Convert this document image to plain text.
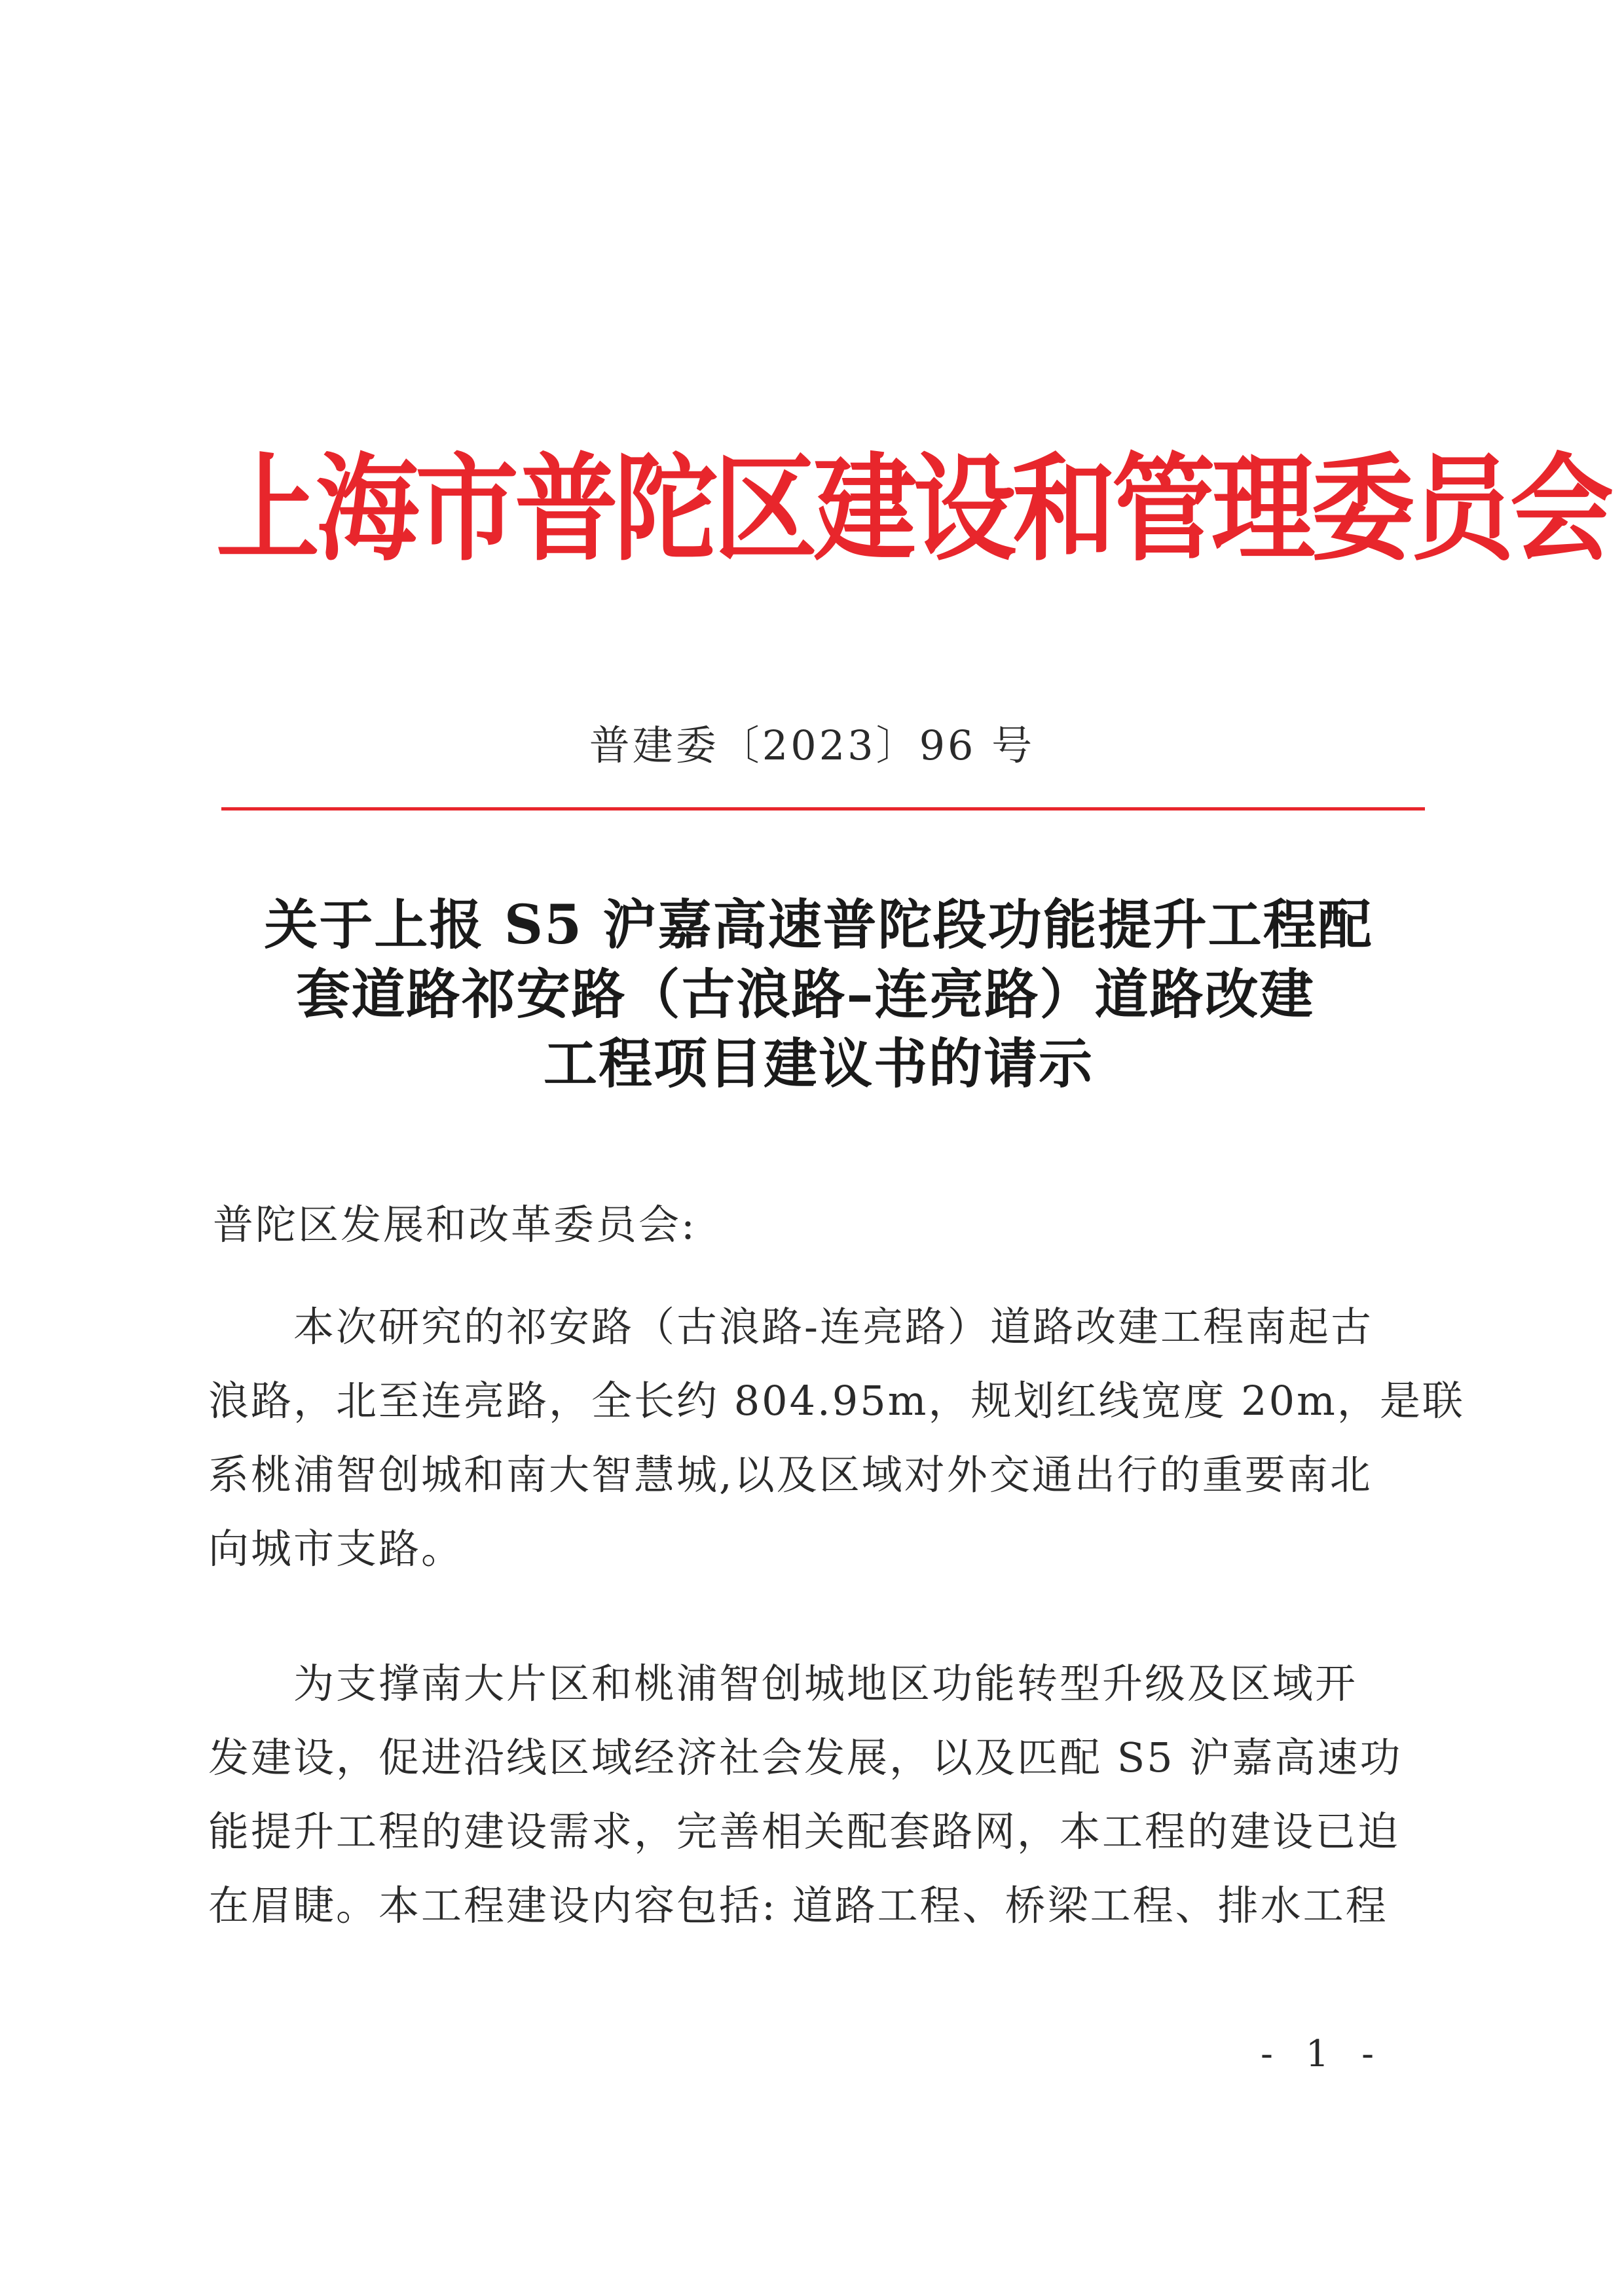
上海市普陀区建设和管理委员会
普建委〔2023〕96 号
关于上报 S5 沪嘉高速普陀段功能提升工程配
套道路祁安路（古浪路–连亮路）道路改建
工程项目建议书的请示
普陀区发展和改革委员会:
本次研究的祁安路（古浪路-连亮路）道路改建工程南起古
浪路，北至连亮路，全长约 804.95m，规划红线宽度 20m，是联
系桃浦智创城和南大智慧城,以及区域对外交通出行的重要南北
向城市支路。
为支撑南大片区和桃浦智创城地区功能转型升级及区域开
发建设，促进沿线区域经济社会发展，以及匹配 S5 沪嘉高速功
能提升工程的建设需求，完善相关配套路网，本工程的建设已迫
在眉睫。本工程建设内容包括: 道路工程、桥梁工程、排水工程
- 1 -
